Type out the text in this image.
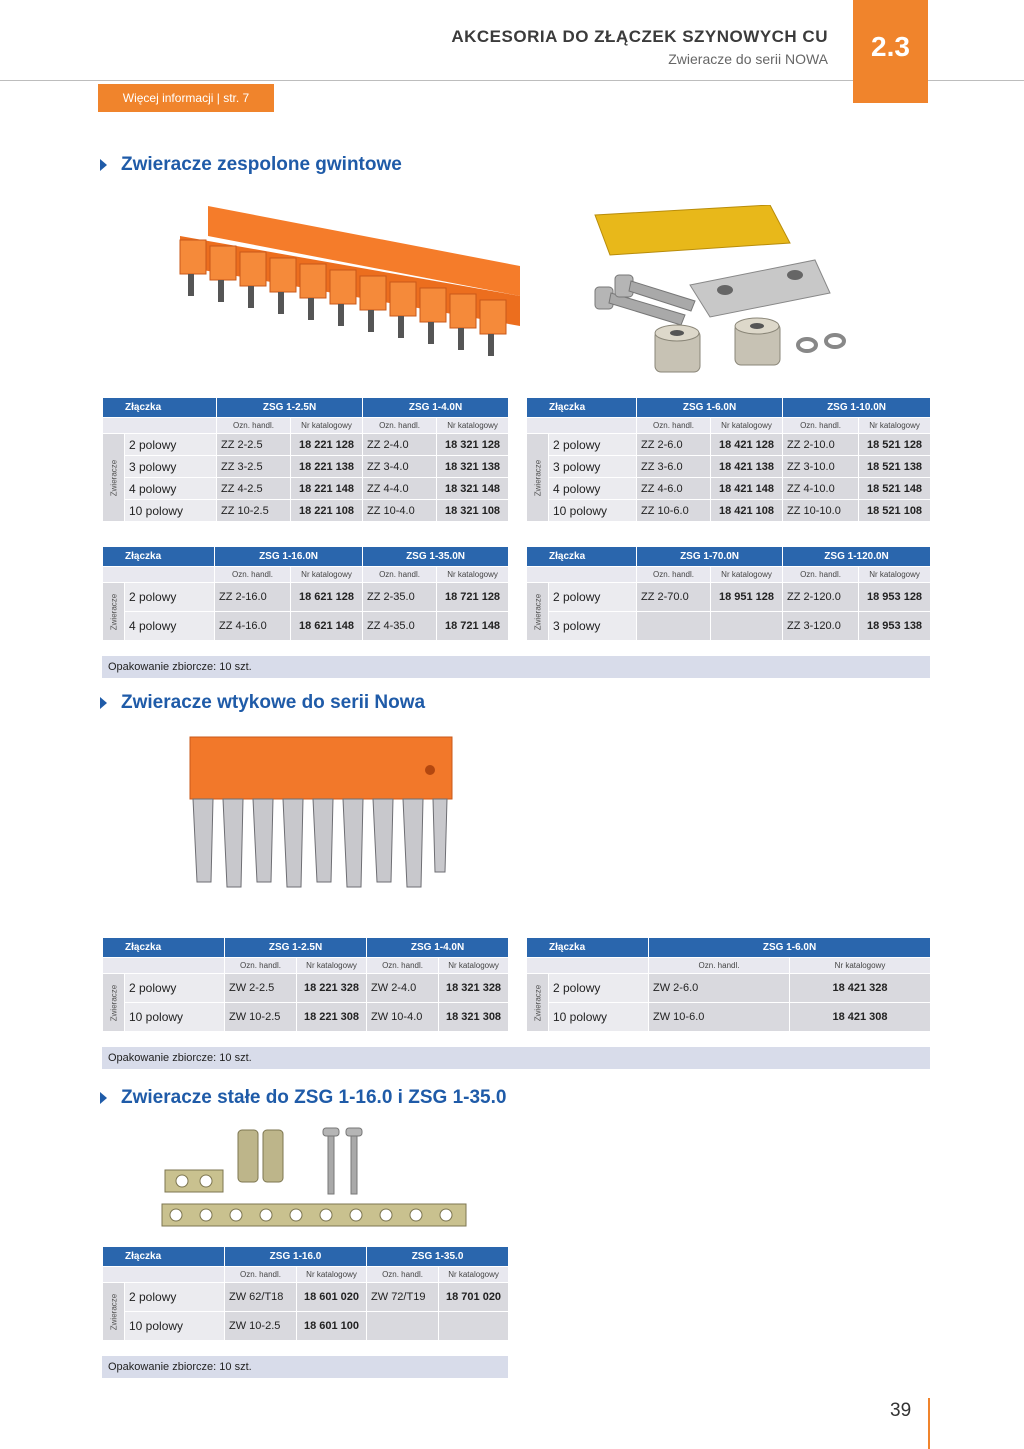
AKCESORIA DO ZŁĄCZEK SZYNOWYCH CU
Zwieracze do serii NOWA	2.3
Więcej informacji | str. 7
Zwieracze zespolone gwintowe
Złączka		ZSG 1-2.5N		ZSG 1-4.0N	
		Ozn. handl.	Nr katalogowy	Ozn. handl.	Nr katalogowy

Zwieracze	2 polowy	ZZ 2-2.5	18 221 128	ZZ 2-4.0	18 321 128
	3 polowy	ZZ 3-2.5	18 221 138	ZZ 3-4.0	18 321 138
	4 polowy	ZZ 4-2.5	18 221 148	ZZ 4-4.0	18 321 148
	10 polowy	ZZ 10-2.5	18 221 108	ZZ 10-4.0	18 321 108
Złączka		ZSG 1-6.0N		ZSG 1-10.0N	
		Ozn. handl.	Nr katalogowy	Ozn. handl.	Nr katalogowy

Zwieracze	2 polowy	ZZ 2-6.0	18 421 128	ZZ 2-10.0	18 521 128
	3 polowy	ZZ 3-6.0	18 421 138	ZZ 3-10.0	18 521 138
	4 polowy	ZZ 4-6.0	18 421 148	ZZ 4-10.0	18 521 148
	10 polowy	ZZ 10-6.0	18 421 108	ZZ 10-10.0	18 521 108
Złączka		ZSG 1-16.0N		ZSG 1-35.0N	
		Ozn. handl.	Nr katalogowy	Ozn. handl.	Nr katalogowy

Zwieracze	2 polowy	ZZ 2-16.0	18 621 128	ZZ 2-35.0	18 721 128
	4 polowy	ZZ 4-16.0	18 621 148	ZZ 4-35.0	18 721 148
Złączka		ZSG 1-70.0N		ZSG 1-120.0N	
		Ozn. handl.	Nr katalogowy	Ozn. handl.	Nr katalogowy

Zwieracze	2 polowy	ZZ 2-70.0	18 951 128	ZZ 2-120.0	18 953 128
	3 polowy			ZZ 3-120.0	18 953 138
Opakowanie zbiorcze: 10 szt.
Zwieracze wtykowe do serii Nowa
Złączka		ZSG 1-2.5N		ZSG 1-4.0N	
		Ozn. handl.	Nr katalogowy	Ozn. handl.	Nr katalogowy

Zwieracze	2 polowy	ZW 2-2.5	18 221 328	ZW 2-4.0	18 321 328
	10 polowy	ZW 10-2.5	18 221 308	ZW 10-4.0	18 321 308
Złączka		ZSG 1-6.0N	
		Ozn. handl.	Nr katalogowy

Zwieracze	2 polowy	ZW 2-6.0	18 421 328
	10 polowy	ZW 10-6.0	18 421 308
Opakowanie zbiorcze: 10 szt.
Zwieracze stałe do ZSG 1-16.0 i ZSG 1-35.0
Złączka		ZSG 1-16.0		ZSG 1-35.0	
		Ozn. handl.	Nr katalogowy	Ozn. handl.	Nr katalogowy

Zwieracze	2 polowy	ZW 62/T18	18 601 020	ZW 72/T19	18 701 020
	10 polowy	ZW 10-2.5	18 601 100		
Opakowanie zbiorcze: 10 szt.
39
